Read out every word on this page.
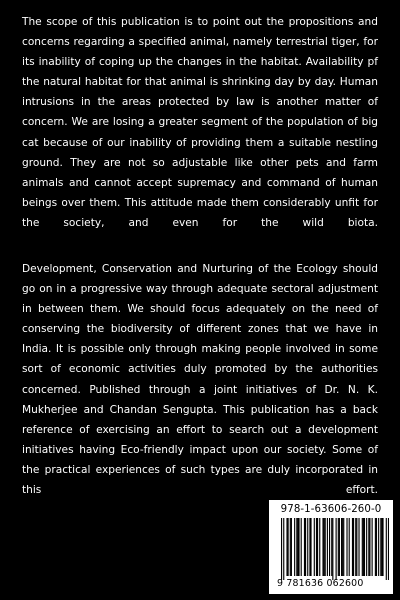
The scope of this publication is to point out the propositions and concerns regarding a specified animal, namely terrestrial tiger, for its inability of coping up the changes in the habitat. Availability pf the natural habitat for that animal is shrinking day by day. Human intrusions in the areas protected by law is another matter of concern. We are losing a greater segment of the population of big cat because of our inability of providing them a suitable nestling ground. They are not so adjustable like other pets and farm animals and cannot accept supremacy and command of human beings over them. This attitude made them considerably unfit for the society, and even for the wild biota.

Development, Conservation and Nurturing of the Ecology should go on in a progressive way through adequate sectoral adjustment in between them. We should focus adequately on the need of conserving the biodiversity of different zones that we have in India. It is possible only through making people involved in some sort of economic activities duly promoted by the authorities concerned. Published through a joint initiatives of Dr. N. K. Mukherjee and Chandan Sengupta. This publication has a back reference of exercising an effort to search out a development initiatives having Eco-friendly impact upon our society. Some of the practical experiences of such types are duly incorporated in this effort.

978-1-63606-260-0
9 781636 062600
